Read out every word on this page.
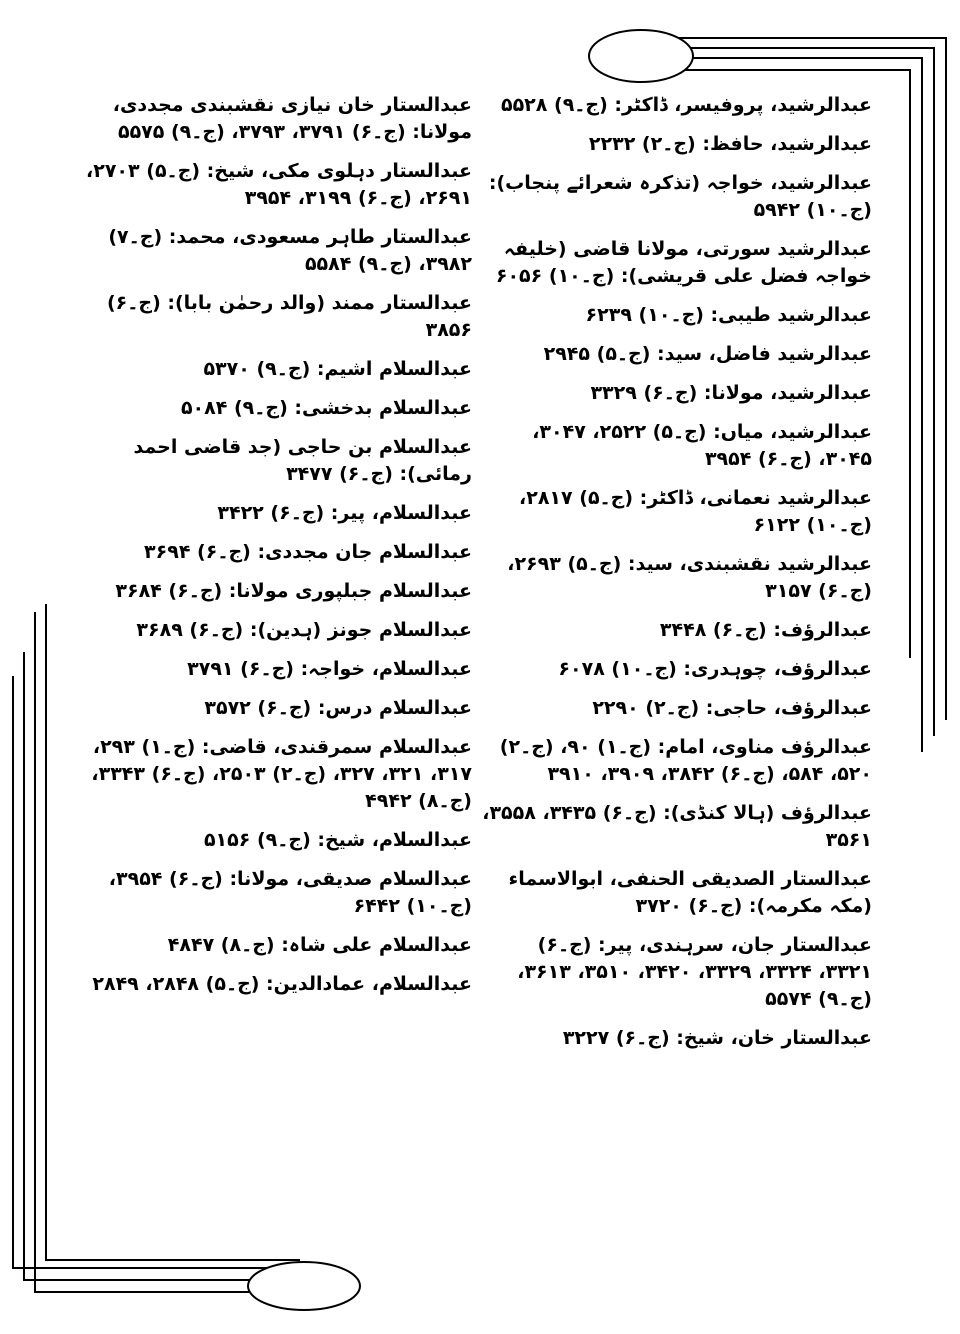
عبدالرشید، پروفیسر، ڈاکٹر: (ج۔۹) ۵۵۲۸
عبدالرشید، حافظ: (ج۔۲) ۲۲۳۲
عبدالرشید، خواجہ (تذکرہ شعرائے پنجاب): (ج۔۱۰) ۵۹۴۲
عبدالرشید سورتی، مولانا قاضی (خلیفہ خواجہ فضل علی قریشی): (ج۔۱۰) ۶۰۵۶
عبدالرشید طیبی: (ج۔۱۰) ۶۲۳۹
عبدالرشید فاضل، سید: (ج۔۵) ۲۹۴۵
عبدالرشید، مولانا: (ج۔۶) ۳۳۲۹
عبدالرشید، میاں: (ج۔۵) ۲۵۲۲، ۳۰۴۷، ۳۰۴۵، (ج۔۶) ۳۹۵۴
عبدالرشید نعمانی، ڈاکٹر: (ج۔۵) ۲۸۱۷، (ج۔۱۰) ۶۱۲۲
عبدالرشید نقشبندی، سید: (ج۔۵) ۲۶۹۳، (ج۔۶) ۳۱۵۷
عبدالرؤف: (ج۔۶) ۳۴۴۸
عبدالرؤف، چوہدری: (ج۔۱۰) ۶۰۷۸
عبدالرؤف، حاجی: (ج۔۲) ۲۲۹۰
عبدالرؤف مناوی، امام: (ج۔۱) ۹۰، (ج۔۲) ۵۲۰، ۵۸۴، (ج۔۶) ۳۸۴۲، ۳۹۰۹، ۳۹۱۰
عبدالرؤف (ہالا کنڈی): (ج۔۶) ۳۴۳۵، ۳۵۵۸، ۳۵۶۱
عبدالستار الصدیقی الحنفی، ابوالاسماء (مکہ مکرمہ): (ج۔۶) ۳۷۲۰
عبدالستار جان، سرہندی، پیر: (ج۔۶) ۳۳۲۱، ۳۳۲۴، ۳۳۲۹، ۳۴۲۰، ۳۵۱۰، ۳۶۱۳، (ج۔۹) ۵۵۷۴
عبدالستار خان، شیخ: (ج۔۶) ۳۲۲۷
عبدالستار خان نیازی نقشبندی مجددی، مولانا: (ج۔۶) ۳۷۹۱، ۳۷۹۳، (ج۔۹) ۵۵۷۵
عبدالستار دہلوی مکی، شیخ: (ج۔۵) ۲۷۰۳، ۲۶۹۱، (ج۔۶) ۳۱۹۹، ۳۹۵۴
عبدالستار طاہر مسعودی، محمد: (ج۔۷) ۳۹۸۲، (ج۔۹) ۵۵۸۴
عبدالستار ممند (والد رحمٰن بابا): (ج۔۶) ۳۸۵۶
عبدالسلام اشیم: (ج۔۹) ۵۳۷۰
عبدالسلام بدخشی: (ج۔۹) ۵۰۸۴
عبدالسلام بن حاجی (جد قاضی احمد رمائی): (ج۔۶) ۳۴۷۷
عبدالسلام، پیر: (ج۔۶) ۳۴۲۲
عبدالسلام جان مجددی: (ج۔۶) ۳۶۹۴
عبدالسلام جبلپوری مولانا: (ج۔۶) ۳۶۸۴
عبدالسلام جونز (ہدین): (ج۔۶) ۳۶۸۹
عبدالسلام، خواجہ: (ج۔۶) ۳۷۹۱
عبدالسلام درس: (ج۔۶) ۳۵۷۲
عبدالسلام سمرقندی، قاضی: (ج۔۱) ۲۹۳، ۳۱۷، ۳۲۱، ۳۲۷، (ج۔۲) ۲۵۰۳، (ج۔۶) ۳۳۴۳، (ج۔۸) ۴۹۴۲
عبدالسلام، شیخ: (ج۔۹) ۵۱۵۶
عبدالسلام صدیقی، مولانا: (ج۔۶) ۳۹۵۴، (ج۔۱۰) ۶۴۴۲
عبدالسلام علی شاہ: (ج۔۸) ۴۸۴۷
عبدالسلام، عمادالدین: (ج۔۵) ۲۸۴۸، ۲۸۴۹
